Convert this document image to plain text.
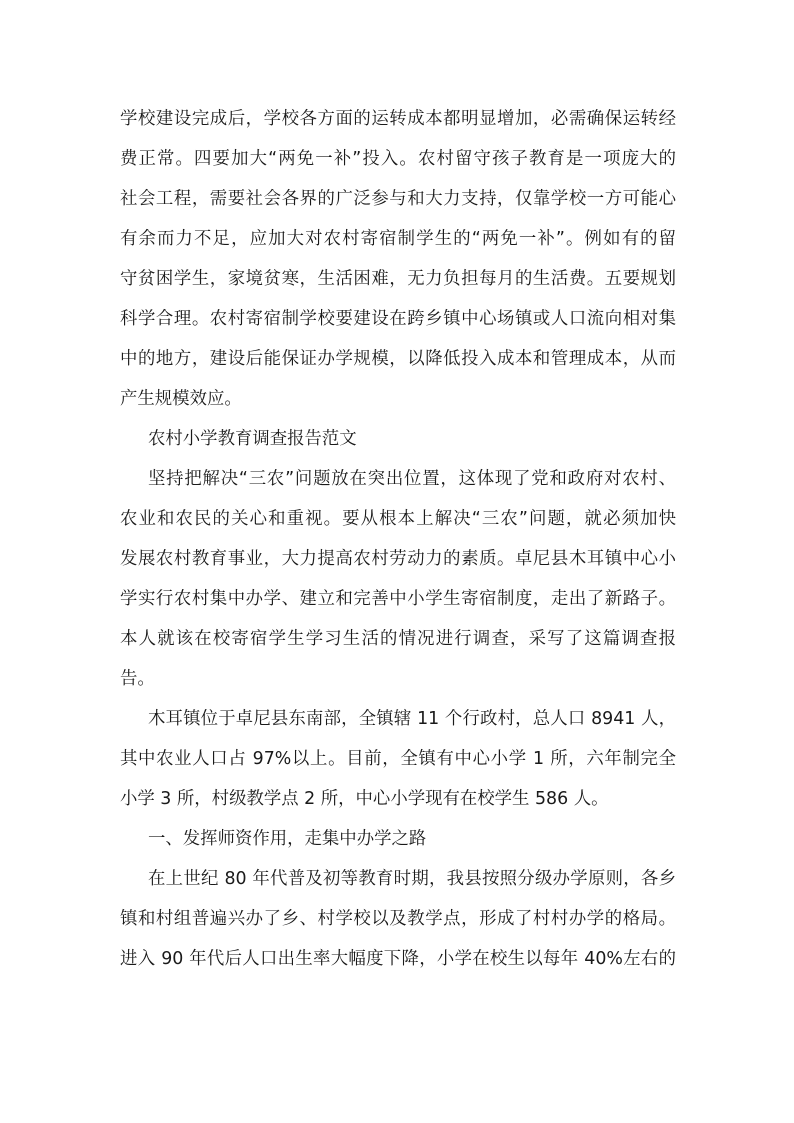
学校建设完成后，学校各方面的运转成本都明显增加，必需确保运转经
费正常。四要加大“两免一补”投入。农村留守孩子教育是一项庞大的
社会工程，需要社会各界的广泛参与和大力支持，仅靠学校一方可能心
有余而力不足，应加大对农村寄宿制学生的“两免一补”。例如有的留
守贫困学生，家境贫寒，生活困难，无力负担每月的生活费。五要规划
科学合理。农村寄宿制学校要建设在跨乡镇中心场镇或人口流向相对集
中的地方，建设后能保证办学规模，以降低投入成本和管理成本，从而
产生规模效应。
农村小学教育调查报告范文
坚持把解决“三农”问题放在突出位置，这体现了党和政府对农村、
农业和农民的关心和重视。要从根本上解决“三农”问题，就必须加快
发展农村教育事业，大力提高农村劳动力的素质。卓尼县木耳镇中心小
学实行农村集中办学、建立和完善中小学生寄宿制度，走出了新路子。
本人就该在校寄宿学生学习生活的情况进行调查，采写了这篇调查报
告。
木耳镇位于卓尼县东南部，全镇辖 11 个行政村，总人口 8941 人，
其中农业人口占 97%以上。目前，全镇有中心小学 1 所，六年制完全
小学 3 所，村级教学点 2 所，中心小学现有在校学生 586 人。
一、发挥师资作用，走集中办学之路
在上世纪 80 年代普及初等教育时期，我县按照分级办学原则，各乡
镇和村组普遍兴办了乡、村学校以及教学点，形成了村村办学的格局。
进入 90 年代后人口出生率大幅度下降，小学在校生以每年 40%左右的
